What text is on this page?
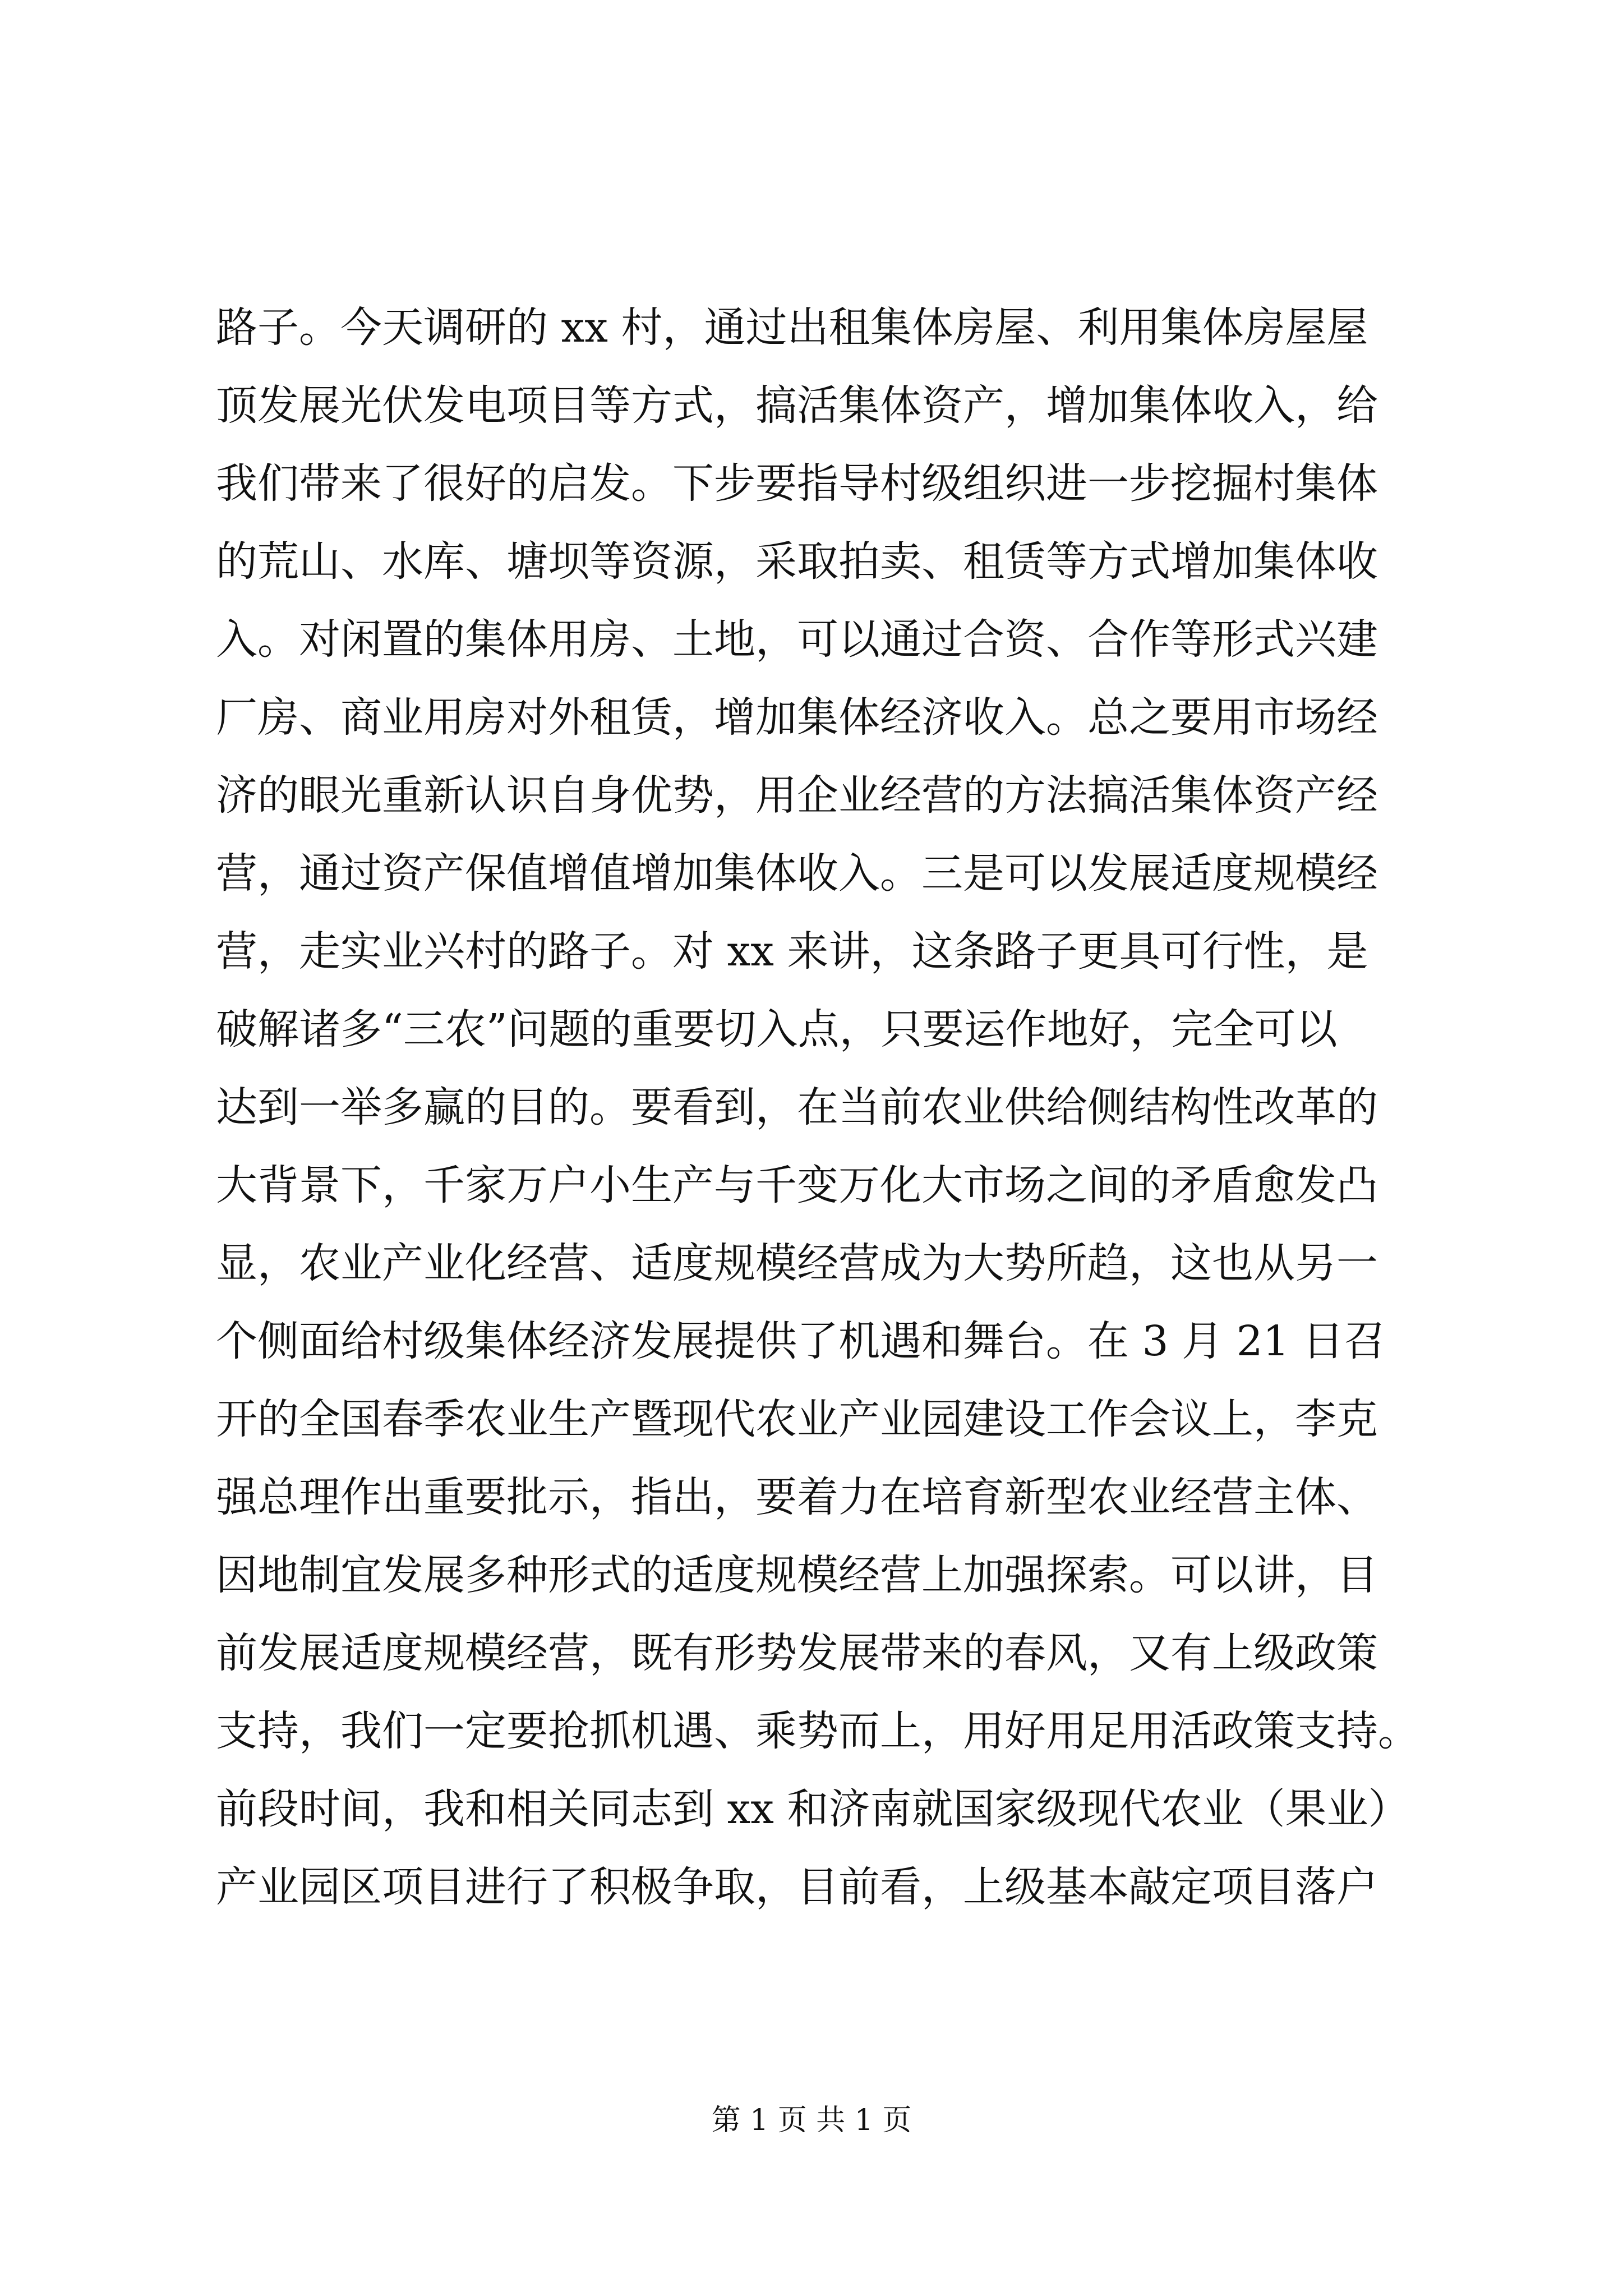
路子。今天调研的 xx 村，通过出租集体房屋、利用集体房屋屋
顶发展光伏发电项目等方式，搞活集体资产，增加集体收入，给
我们带来了很好的启发。下步要指导村级组织进一步挖掘村集体
的荒山、水库、塘坝等资源，采取拍卖、租赁等方式增加集体收
入。对闲置的集体用房、土地，可以通过合资、合作等形式兴建
厂房、商业用房对外租赁，增加集体经济收入。总之要用市场经
济的眼光重新认识自身优势，用企业经营的方法搞活集体资产经
营，通过资产保值增值增加集体收入。三是可以发展适度规模经
营，走实业兴村的路子。对 xx 来讲，这条路子更具可行性，是
破解诸多“三农”问题的重要切入点，只要运作地好，完全可以
达到一举多赢的目的。要看到，在当前农业供给侧结构性改革的
大背景下，千家万户小生产与千变万化大市场之间的矛盾愈发凸
显，农业产业化经营、适度规模经营成为大势所趋，这也从另一
个侧面给村级集体经济发展提供了机遇和舞台。在 3 月 21 日召
开的全国春季农业生产暨现代农业产业园建设工作会议上，李克
强总理作出重要批示，指出，要着力在培育新型农业经营主体、
因地制宜发展多种形式的适度规模经营上加强探索。可以讲，目
前发展适度规模经营，既有形势发展带来的春风，又有上级政策
支持，我们一定要抢抓机遇、乘势而上，用好用足用活政策支持。
前段时间，我和相关同志到 xx 和济南就国家级现代农业（果业）
产业园区项目进行了积极争取，目前看，上级基本敲定项目落户
第 1 页 共 1 页
